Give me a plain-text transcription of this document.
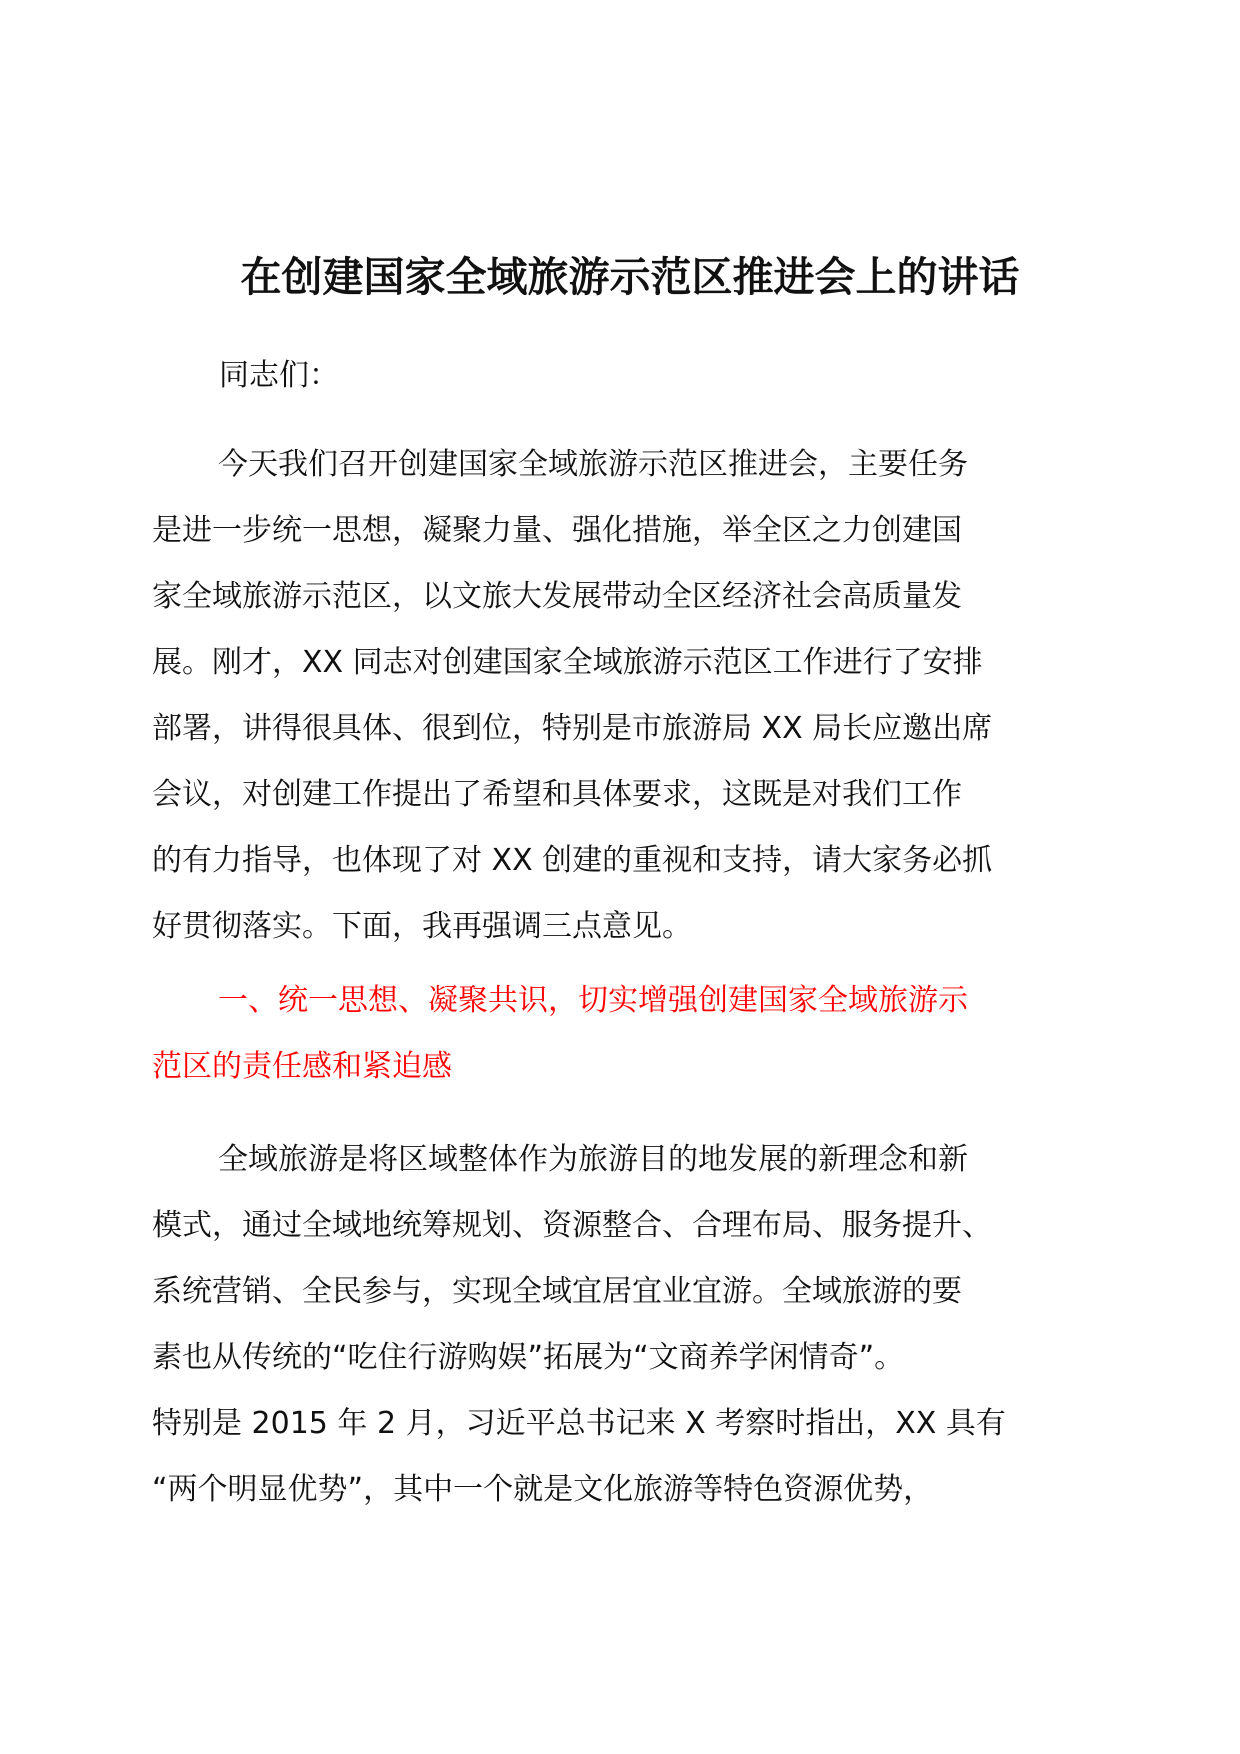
在创建国家全域旅游示范区推进会上的讲话
同志们：
今天我们召开创建国家全域旅游示范区推进会，主要任务
是进一步统一思想，凝聚力量、强化措施，举全区之力创建国
家全域旅游示范区，以文旅大发展带动全区经济社会高质量发
展。刚才，XX 同志对创建国家全域旅游示范区工作进行了安排
部署，讲得很具体、很到位，特别是市旅游局 XX 局长应邀出席
会议，对创建工作提出了希望和具体要求，这既是对我们工作
的有力指导，也体现了对 XX 创建的重视和支持，请大家务必抓
好贯彻落实。下面，我再强调三点意见。
一、统一思想、凝聚共识，切实增强创建国家全域旅游示
范区的责任感和紧迫感
全域旅游是将区域整体作为旅游目的地发展的新理念和新
模式，通过全域地统筹规划、资源整合、合理布局、服务提升、
系统营销、全民参与，实现全域宜居宜业宜游。全域旅游的要
素也从传统的“吃住行游购娱”拓展为“文商养学闲情奇”。
特别是 2015 年 2 月，习近平总书记来 X 考察时指出，XX 具有
“两个明显优势”，其中一个就是文化旅游等特色资源优势，
